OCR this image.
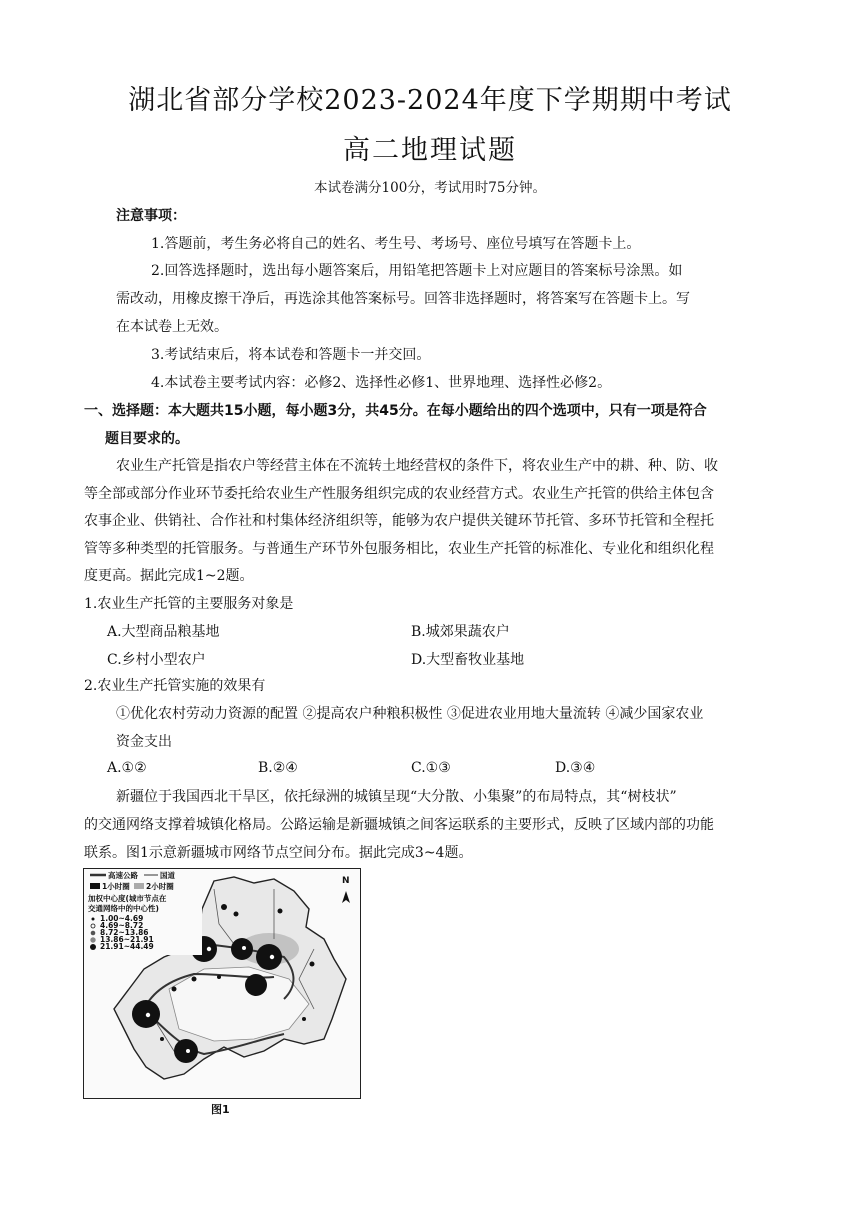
湖北省部分学校2023-2024年度下学期期中考试
高二地理试题
本试卷满分100分，考试用时75分钟。
注意事项：
1.答题前，考生务必将自己的姓名、考生号、考场号、座位号填写在答题卡上。
2.回答选择题时，选出每小题答案后，用铅笔把答题卡上对应题目的答案标号涂黑。如
需改动，用橡皮擦干净后，再选涂其他答案标号。回答非选择题时，将答案写在答题卡上。写
在本试卷上无效。
3.考试结束后，将本试卷和答题卡一并交回。
4.本试卷主要考试内容：必修2、选择性必修1、世界地理、选择性必修2。
一、选择题：本大题共15小题，每小题3分，共45分。在每小题给出的四个选项中，只有一项是符合
题目要求的。
农业生产托管是指农户等经营主体在不流转土地经营权的条件下，将农业生产中的耕、种、防、收
等全部或部分作业环节委托给农业生产性服务组织完成的农业经营方式。农业生产托管的供给主体包含
农事企业、供销社、合作社和村集体经济组织等，能够为农户提供关键环节托管、多环节托管和全程托
管等多种类型的托管服务。与普通生产环节外包服务相比，农业生产托管的标准化、专业化和组织化程
度更高。据此完成1~2题。
1.农业生产托管的主要服务对象是
A.大型商品粮基地	B.城郊果蔬农户
C.乡村小型农户	D.大型畜牧业基地
2.农业生产托管实施的效果有
①优化农村劳动力资源的配置 ②提高农户种粮积极性 ③促进农业用地大量流转 ④减少国家农业
资金支出
A.①②	B.②④	C.①③	D.③④
新疆位于我国西北干旱区，依托绿洲的城镇呈现“大分散、小集聚”的布局特点，其“树枝状”
的交通网络支撑着城镇化格局。公路运输是新疆城镇之间客运联系的主要形式，反映了区域内部的功能
联系。图1示意新疆城市网络节点空间分布。据此完成3~4题。
高速公路	国道
1小时圈 2小时圈
加权中心度(城市节点在
交通网络中的中心性)
1.00~4.69
4.69~8.72
8.72~13.86
13.86~21.91
21.91~44.49
N
图1
